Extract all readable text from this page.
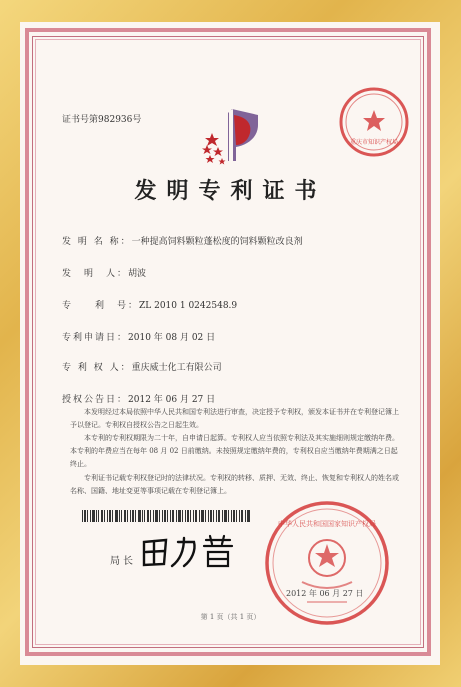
证书号第982936号
重庆市知识产权局
发明专利证书
发 明 名 称：一种提高饲料颗粒蓬松度的饲料颗粒改良剂
发　明　人：胡波
专　　利　号：ZL 2010 1 0242548.9
专利申请日：2010 年 08 月 02 日
专 利 权 人：重庆威士化工有限公司
授权公告日：2012 年 06 月 27 日
本发明经过本局依照中华人民共和国专利法进行审查，决定授予专利权，颁发本证书并在专利登记簿上予以登记。专利权自授权公告之日起生效。
本专利的专利权期限为二十年，自申请日起算。专利权人应当依照专利法及其实施细则规定缴纳年费。本专利的年费应当在每年 08 月 02 日前缴纳。未按照规定缴纳年费的，专利权自应当缴纳年费期满之日起终止。
专利证书记载专利权登记时的法律状况。专利权的转移、质押、无效、终止、恢复和专利权人的姓名或名称、国籍、地址变更等事项记载在专利登记簿上。
局长
中华人民共和国国家知识产权局
2012 年 06 月 27 日
第 1 页（共 1 页）
